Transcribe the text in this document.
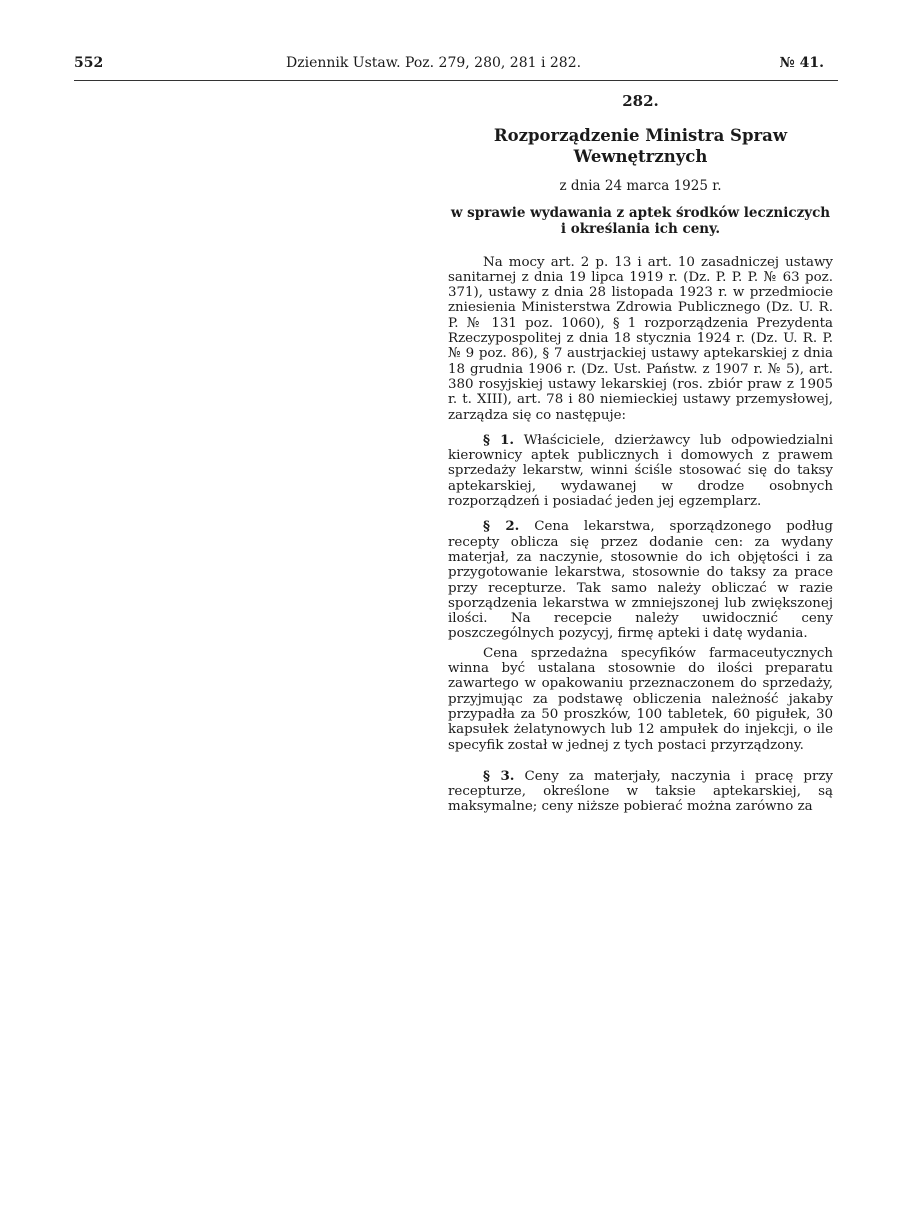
552	Dziennik Ustaw. Poz. 279, 280, 281 i 282.	№ 41.
282.
Rozporządzenie Ministra Spraw Wewnętrznych
z dnia 24 marca 1925 r.
w sprawie wydawania z aptek środków leczniczych i określania ich ceny.

Na mocy art. 2 p. 13 i art. 10 zasadniczej ustawy sanitarnej z dnia 19 lipca 1919 r. (Dz. P. P. P. № 63 poz. 371), ustawy z dnia 28 listopada 1923 r. w przedmiocie zniesienia Ministerstwa Zdrowia Publicznego (Dz. U. R. P. № 131 poz. 1060), § 1 rozporządzenia Prezydenta Rzeczypospolitej z dnia 18 stycznia 1924 r. (Dz. U. R. P. № 9 poz. 86), § 7 austrjackiej ustawy aptekarskiej z dnia 18 grudnia 1906 r. (Dz. Ust. Państw. z 1907 r. № 5), art. 380 rosyjskiej ustawy lekarskiej (ros. zbiór praw z 1905 r. t. XIII), art. 78 i 80 niemieckiej ustawy przemysłowej, zarządza się co następuje:

§ 1. Właściciele, dzierżawcy lub odpowiedzialni kierownicy aptek publicznych i domowych z prawem sprzedaży lekarstw, winni ściśle stosować się do taksy aptekarskiej, wydawanej w drodze osobnych rozporządzeń i posiadać jeden jej egzemplarz.

§ 2. Cena lekarstwa, sporządzonego podług recepty oblicza się przez dodanie cen: za wydany materjał, za naczynie, stosownie do ich objętości i za przygotowanie lekarstwa, stosownie do taksy za prace przy recepturze. Tak samo należy obliczać w razie sporządzenia lekarstwa w zmniejszonej lub zwiększonej ilości. Na recepcie należy uwidocznić ceny poszczególnych pozycyj, firmę apteki i datę wydania.

Cena sprzedażna specyfików farmaceutycznych winna być ustalana stosownie do ilości preparatu zawartego w opakowaniu przeznaczonem do sprzedaży, przyjmując za podstawę obliczenia należność jakaby przypadła za 50 proszków, 100 tabletek, 60 pigułek, 30 kapsułek żelatynowych lub 12 ampułek do injekcji, o ile specyfik został w jednej z tych postaci przyrządzony.

§ 3. Ceny za materjały, naczynia i pracę przy recepturze, określone w taksie aptekarskiej, są maksymalne; ceny niższe pobierać można zarówno za
